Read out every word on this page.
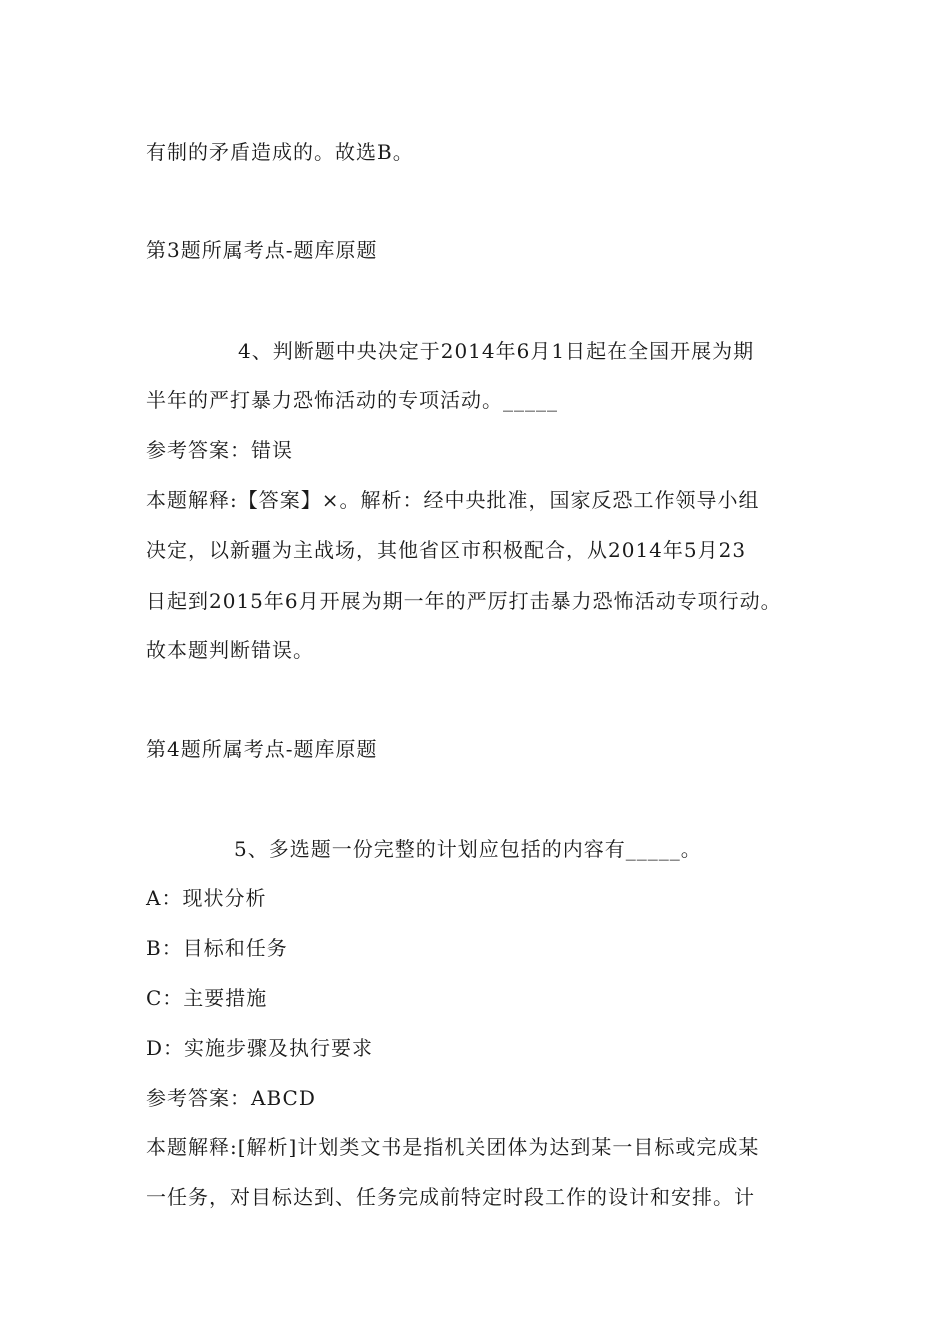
有制的矛盾造成的。故选B。
第3题所属考点-题库原题
4、判断题中央决定于2014年6月1日起在全国开展为期
半年的严打暴力恐怖活动的专项活动。_____
参考答案：错误
本题解释:【答案】×。解析：经中央批准，国家反恐工作领导小组
决定，以新疆为主战场，其他省区市积极配合，从2014年5月23
日起到2015年6月开展为期一年的严厉打击暴力恐怖活动专项行动。
故本题判断错误。
第4题所属考点-题库原题
5、多选题一份完整的计划应包括的内容有_____。
A：现状分析
B：目标和任务
C：主要措施
D：实施步骤及执行要求
参考答案：ABCD
本题解释:[解析]计划类文书是指机关团体为达到某一目标或完成某
一任务，对目标达到、任务完成前特定时段工作的设计和安排。计
